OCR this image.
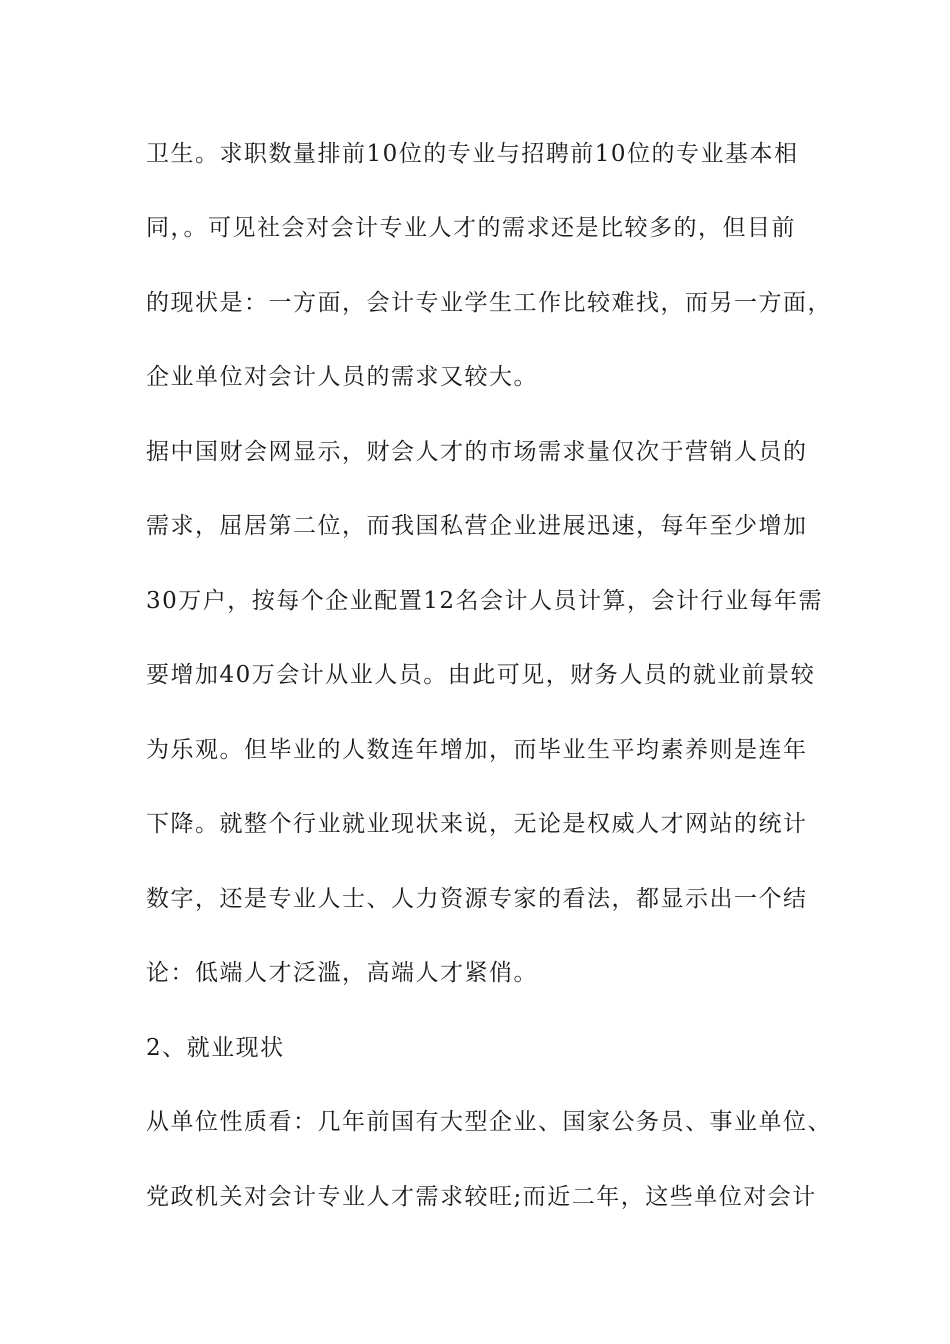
卫生。求职数量排前10位的专业与招聘前10位的专业基本相
同，。可见社会对会计专业人才的需求还是比较多的，但目前
的现状是：一方面，会计专业学生工作比较难找，而另一方面，
企业单位对会计人员的需求又较大。
据中国财会网显示，财会人才的市场需求量仅次于营销人员的
需求，屈居第二位，而我国私营企业进展迅速，每年至少增加
30万户，按每个企业配置12名会计人员计算，会计行业每年需
要增加40万会计从业人员。由此可见，财务人员的就业前景较
为乐观。但毕业的人数连年增加，而毕业生平均素养则是连年
下降。就整个行业就业现状来说，无论是权威人才网站的统计
数字，还是专业人士、人力资源专家的看法，都显示出一个结
论：低端人才泛滥，高端人才紧俏。
2、就业现状
从单位性质看：几年前国有大型企业、国家公务员、事业单位、
党政机关对会计专业人才需求较旺;而近二年，这些单位对会计
